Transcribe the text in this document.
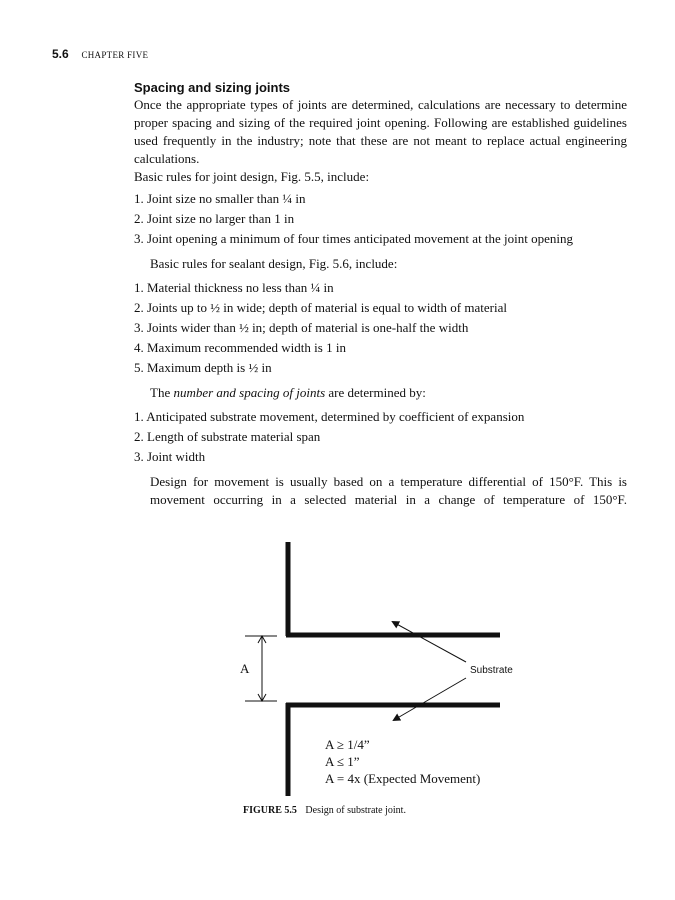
5.6 CHAPTER FIVE
Spacing and sizing joints

Once the appropriate types of joints are determined, calculations are necessary to determine proper spacing and sizing of the required joint opening. Following are established guidelines used frequently in the industry; note that these are not meant to replace actual engineering calculations.

Basic rules for joint design, Fig. 5.5, include:

1. Joint size no smaller than ¼ in
2. Joint size no larger than 1 in
3. Joint opening a minimum of four times anticipated movement at the joint opening

Basic rules for sealant design, Fig. 5.6, include:

1. Material thickness no less than ¼ in
2. Joints up to ½ in wide; depth of material is equal to width of material
3. Joints wider than ½ in; depth of material is one-half the width
4. Maximum recommended width is 1 in
5. Maximum depth is ½ in

The number and spacing of joints are determined by:

1. Anticipated substrate movement, determined by coefficient of expansion
2. Length of substrate material span
3. Joint width

Design for movement is usually based on a temperature differential of 150°F. This is

movement occurring in a selected material in a change of temperature of 150°F.

A	Substrate
A ≥ 1/4”
A ≤ 1”
A = 4x (Expected Movement)
FIGURE 5.5 Design of substrate joint.
